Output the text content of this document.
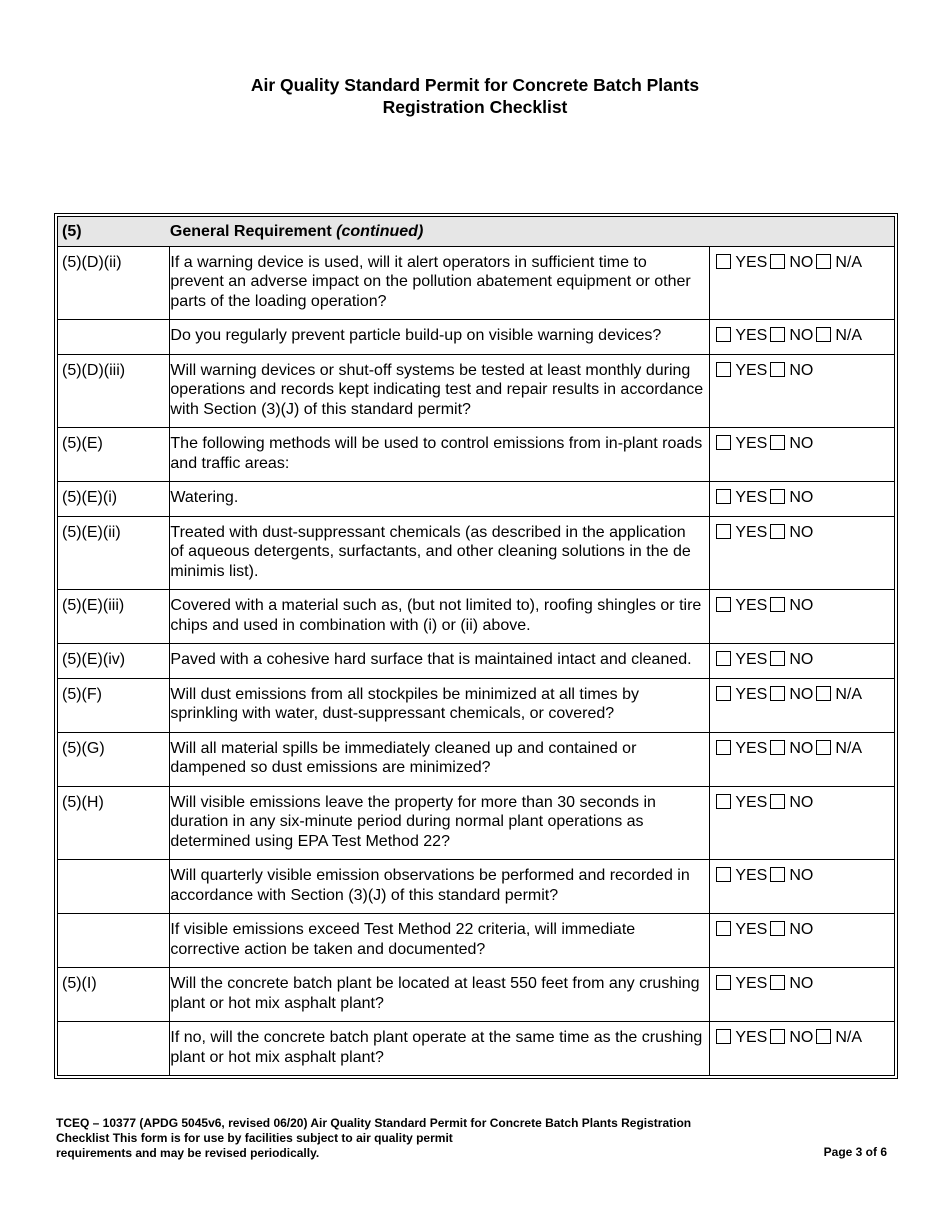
Air Quality Standard Permit for Concrete Batch Plants
Registration Checklist
(5)	General Requirement (continued)	
(5)(D)(ii)	If a warning device is used, will it alert operators in sufficient time to prevent an adverse impact on the pollution abatement equipment or other parts of the loading operation?	YES NO N/A
	Do you regularly prevent particle build-up on visible warning devices?	YES NO N/A
(5)(D)(iii)	Will warning devices or shut-off systems be tested at least monthly during operations and records kept indicating test and repair results in accordance with Section (3)(J) of this standard permit?	YES NO
(5)(E)	The following methods will be used to control emissions from in-plant roads and traffic areas:	YES NO
(5)(E)(i)	Watering.	YES NO
(5)(E)(ii)	Treated with dust-suppressant chemicals (as described in the application of aqueous detergents, surfactants, and other cleaning solutions in the de minimis list).	YES NO
(5)(E)(iii)	Covered with a material such as, (but not limited to), roofing shingles or tire chips and used in combination with (i) or (ii) above.	YES NO
(5)(E)(iv)	Paved with a cohesive hard surface that is maintained intact and cleaned.	YES NO
(5)(F)	Will dust emissions from all stockpiles be minimized at all times by sprinkling with water, dust-suppressant chemicals, or covered?	YES NO N/A
(5)(G)	Will all material spills be immediately cleaned up and contained or dampened so dust emissions are minimized?	YES NO N/A
(5)(H)	Will visible emissions leave the property for more than 30 seconds in duration in any six-minute period during normal plant operations as determined using EPA Test Method 22?	YES NO
	Will quarterly visible emission observations be performed and recorded in accordance with Section (3)(J) of this standard permit?	YES NO
	If visible emissions exceed Test Method 22 criteria, will immediate corrective action be taken and documented?	YES NO
(5)(I)	Will the concrete batch plant be located at least 550 feet from any crushing plant or hot mix asphalt plant?	YES NO
	If no, will the concrete batch plant operate at the same time as the crushing plant or hot mix asphalt plant?	YES NO N/A
TCEQ – 10377 (APDG 5045v6, revised 06/20) Air Quality Standard Permit for Concrete Batch Plants Registration
Checklist This form is for use by facilities subject to air quality permit
requirements and may be revised periodically.	Page 3 of 6
